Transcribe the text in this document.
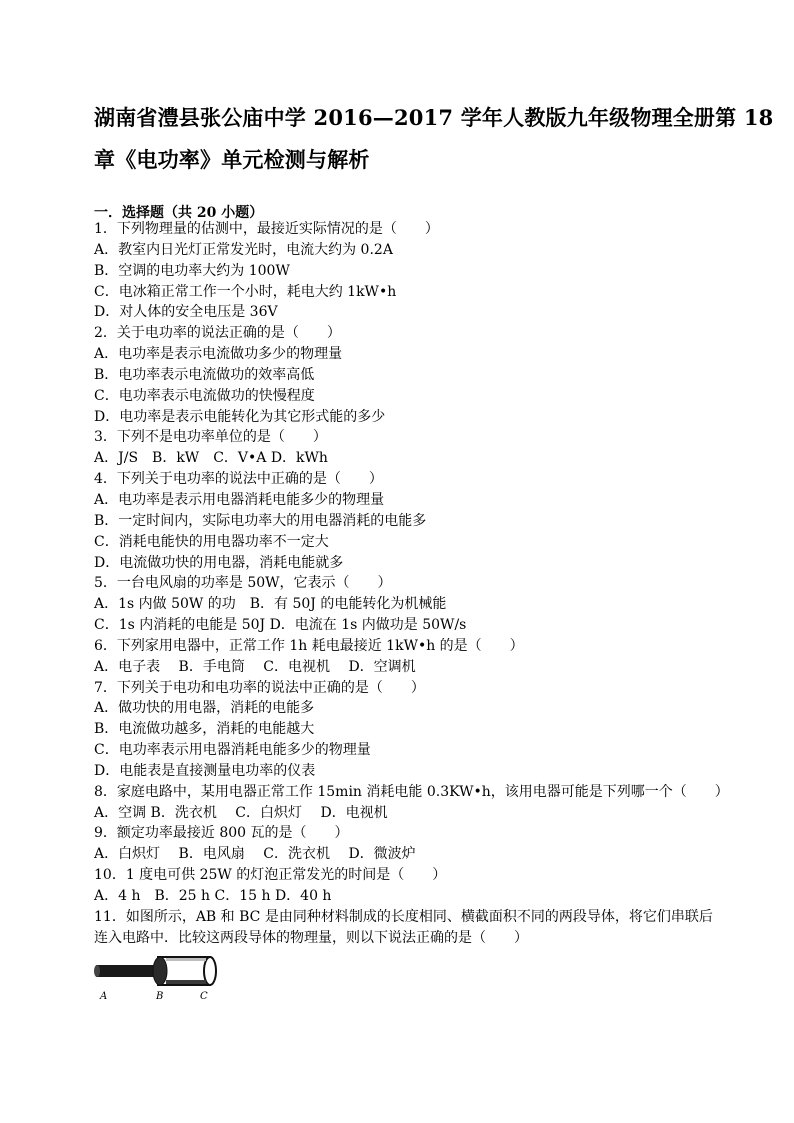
湖南省澧县张公庙中学 2016—2017 学年人教版九年级物理全册第 18
章《电功率》单元检测与解析
一．选择题（共 20 小题）
1．下列物理量的估测中，最接近实际情况的是（　　）
A．教室内日光灯正常发光时，电流大约为 0.2A
B．空调的电功率大约为 100W
C．电冰箱正常工作一个小时，耗电大约 1kW•h
D．对人体的安全电压是 36V
2．关于电功率的说法正确的是（　　）
A．电功率是表示电流做功多少的物理量
B．电功率表示电流做功的效率高低
C．电功率表示电流做功的快慢程度
D．电功率是表示电能转化为其它形式能的多少
3．下列不是电功率单位的是（　　）
A．J/S　B．kW　C．V•A D．kWh
4．下列关于电功率的说法中正确的是（　　）
A．电功率是表示用电器消耗电能多少的物理量
B．一定时间内，实际电功率大的用电器消耗的电能多
C．消耗电能快的用电器功率不一定大
D．电流做功快的用电器，消耗电能就多
5．一台电风扇的功率是 50W，它表示（　　）
A．1s 内做 50W 的功　B．有 50J 的电能转化为机械能
C．1s 内消耗的电能是 50J D．电流在 1s 内做功是 50W/s
6．下列家用电器中，正常工作 1h 耗电最接近 1kW•h 的是（　　）
A．电子表　 B．手电筒　 C．电视机　 D．空调机
7．下列关于电功和电功率的说法中正确的是（　　）
A．做功快的用电器，消耗的电能多
B．电流做功越多，消耗的电能越大
C．电功率表示用电器消耗电能多少的物理量
D．电能表是直接测量电功率的仪表
8．家庭电路中，某用电器正常工作 15min 消耗电能 0.3KW•h，该用电器可能是下列哪一个（　　）
A．空调 B．洗衣机　 C．白炽灯　 D．电视机
9．额定功率最接近 800 瓦的是（　　）
A．白炽灯　 B．电风扇　 C．洗衣机　 D．微波炉
10．1 度电可供 25W 的灯泡正常发光的时间是（　　）
A．4 h　B．25 h C．15 h D．40 h
11．如图所示，AB 和 BC 是由同种材料制成的长度相同、横截面积不同的两段导体，将它们串联后
连入电路中．比较这两段导体的物理量，则以下说法正确的是（　　）
A	B	C
